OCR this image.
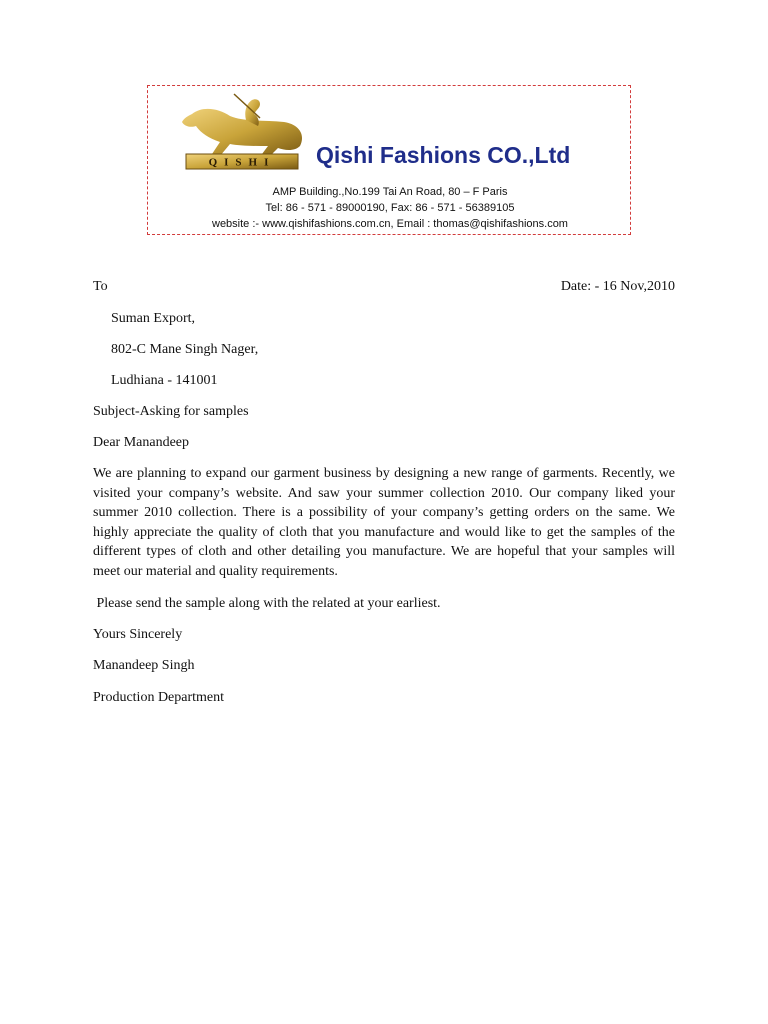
QISHI Qishi Fashions CO.,Ltd
AMP Building.,No.199 Tai An Road, 80 – F Paris
Tel: 86 - 571 - 89000190, Fax: 86 - 571 - 56389105
website :- www.qishifashions.com.cn, Email : thomas@qishifashions.com
To	Date: - 16 Nov,2010
Suman Export,
802-C Mane Singh Nager,
Ludhiana - 141001
Subject-Asking for samples
Dear Manandeep
We are planning to expand our garment business by designing a new range of garments. Recently, we visited your company’s website. And saw your summer collection 2010. Our company liked your summer 2010 collection. There is a possibility of your company’s getting orders on the same. We highly appreciate the quality of cloth that you manufacture and would like to get the samples of the different types of cloth and other detailing you manufacture. We are hopeful that your samples will meet our material and quality requirements.
Please send the sample along with the related at your earliest.
Yours Sincerely
Manandeep Singh
Production Department
